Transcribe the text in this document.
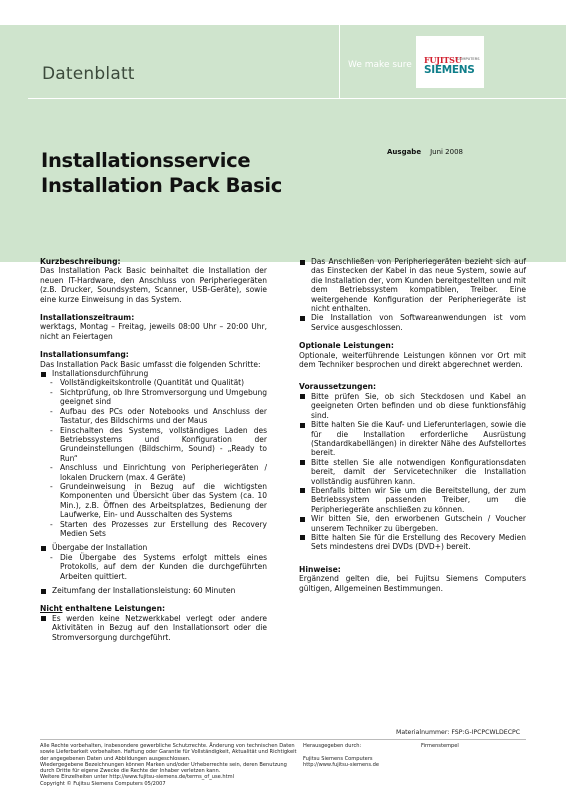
Datenblatt	We make sure FUJITSU
COMPUTERS
SIEMENS
Installationsservice
Installation Pack Basic
Ausgabe Juni 2008
Kurzbeschreibung:
Das Installation Pack Basic beinhaltet die Installation der neuen IT-Hardware, den Anschluss von Peripheriegeräten (z.B. Drucker, Soundsystem, Scanner, USB-Geräte), sowie eine kurze Einweisung in das System.
Installationszeitraum:
werktags, Montag – Freitag, jeweils 08:00 Uhr – 20:00 Uhr, nicht an Feiertagen
Installationsumfang:
Das Installation Pack Basic umfasst die folgenden Schritte:
Installationsdurchführung
- Vollständigkeitskontrolle (Quantität und Qualität)
- Sichtprüfung, ob Ihre Stromversorgung und Umgebung geeignet sind
- Aufbau des PCs oder Notebooks und Anschluss der Tastatur, des Bildschirms und der Maus
- Einschalten des Systems, vollständiges Laden des Betriebssystems und Konfiguration der Grundeinstellungen (Bildschirm, Sound) - „Ready to Run“
- Anschluss und Einrichtung von Peripheriegeräten / lokalen Druckern (max. 4 Geräte)
- Grundeinweisung in Bezug auf die wichtigsten Komponenten und Übersicht über das System (ca. 10 Min.), z.B. Öffnen des Arbeitsplatzes, Bedienung der Laufwerke, Ein- und Ausschalten des Systems
- Starten des Prozesses zur Erstellung des Recovery Medien Sets
Übergabe der Installation
- Die Übergabe des Systems erfolgt mittels eines Protokolls, auf dem der Kunden die durchgeführten Arbeiten quittiert.
Zeitumfang der Installationsleistung: 60 Minuten
Nicht enthaltene Leistungen:
Es werden keine Netzwerkkabel verlegt oder andere Aktivitäten in Bezug auf den Installationsort oder die Stromversorgung durchgeführt.
Das Anschließen von Peripheriegeräten bezieht sich auf das Einstecken der Kabel in das neue System, sowie auf die Installation der, vom Kunden bereitgestellten und mit dem Betriebssystem kompatiblen, Treiber. Eine weitergehende Konfiguration der Peripheriegeräte ist nicht enthalten.
Die Installation von Softwareanwendungen ist vom Service ausgeschlossen.
Optionale Leistungen:
Optionale, weiterführende Leistungen können vor Ort mit dem Techniker besprochen und direkt abgerechnet werden.
Voraussetzungen:
Bitte prüfen Sie, ob sich Steckdosen und Kabel an geeigneten Orten befinden und ob diese funktionsfähig sind.
Bitte halten Sie die Kauf- und Lieferunterlagen, sowie die für die Installation erforderliche Ausrüstung (Standardkabellängen) in direkter Nähe des Aufstellortes bereit.
Bitte stellen Sie alle notwendigen Konfigurationsdaten bereit, damit der Servicetechniker die Installation vollständig ausführen kann.
Ebenfalls bitten wir Sie um die Bereitstellung, der zum Betriebssystem passenden Treiber, um die Peripheriegeräte anschließen zu können.
Wir bitten Sie, den erworbenen Gutschein / Voucher unserem Techniker zu übergeben.
Bitte halten Sie für die Erstellung des Recovery Medien Sets mindestens drei DVDs (DVD+) bereit.
Hinweise:
Ergänzend gelten die, bei Fujitsu Siemens Computers gültigen, Allgemeinen Bestimmungen.
Materialnummer: FSP:G-IPCPCWLDECPC
Alle Rechte vorbehalten, insbesondere gewerbliche Schutzrechte. Änderung von technischen Daten
sowie Lieferbarkeit vorbehalten. Haftung oder Garantie für Vollständigkeit, Aktualität und Richtigkeit
der angegebenen Daten und Abbildungen ausgeschlossen.
Wiedergegebene Bezeichnungen können Marken und/oder Urheberrechte sein, deren Benutzung
durch Dritte für eigene Zwecke die Rechte der Inhaber verletzen kann.
Weitere Einzelheiten unter http://www.fujitsu-siemens.de/terms_of_use.html
Copyright © Fujitsu Siemens Computers 05/2007
Herausgegeben durch:
Fujitsu Siemens Computers
http://www.fujitsu-siemens.de
Firmenstempel
